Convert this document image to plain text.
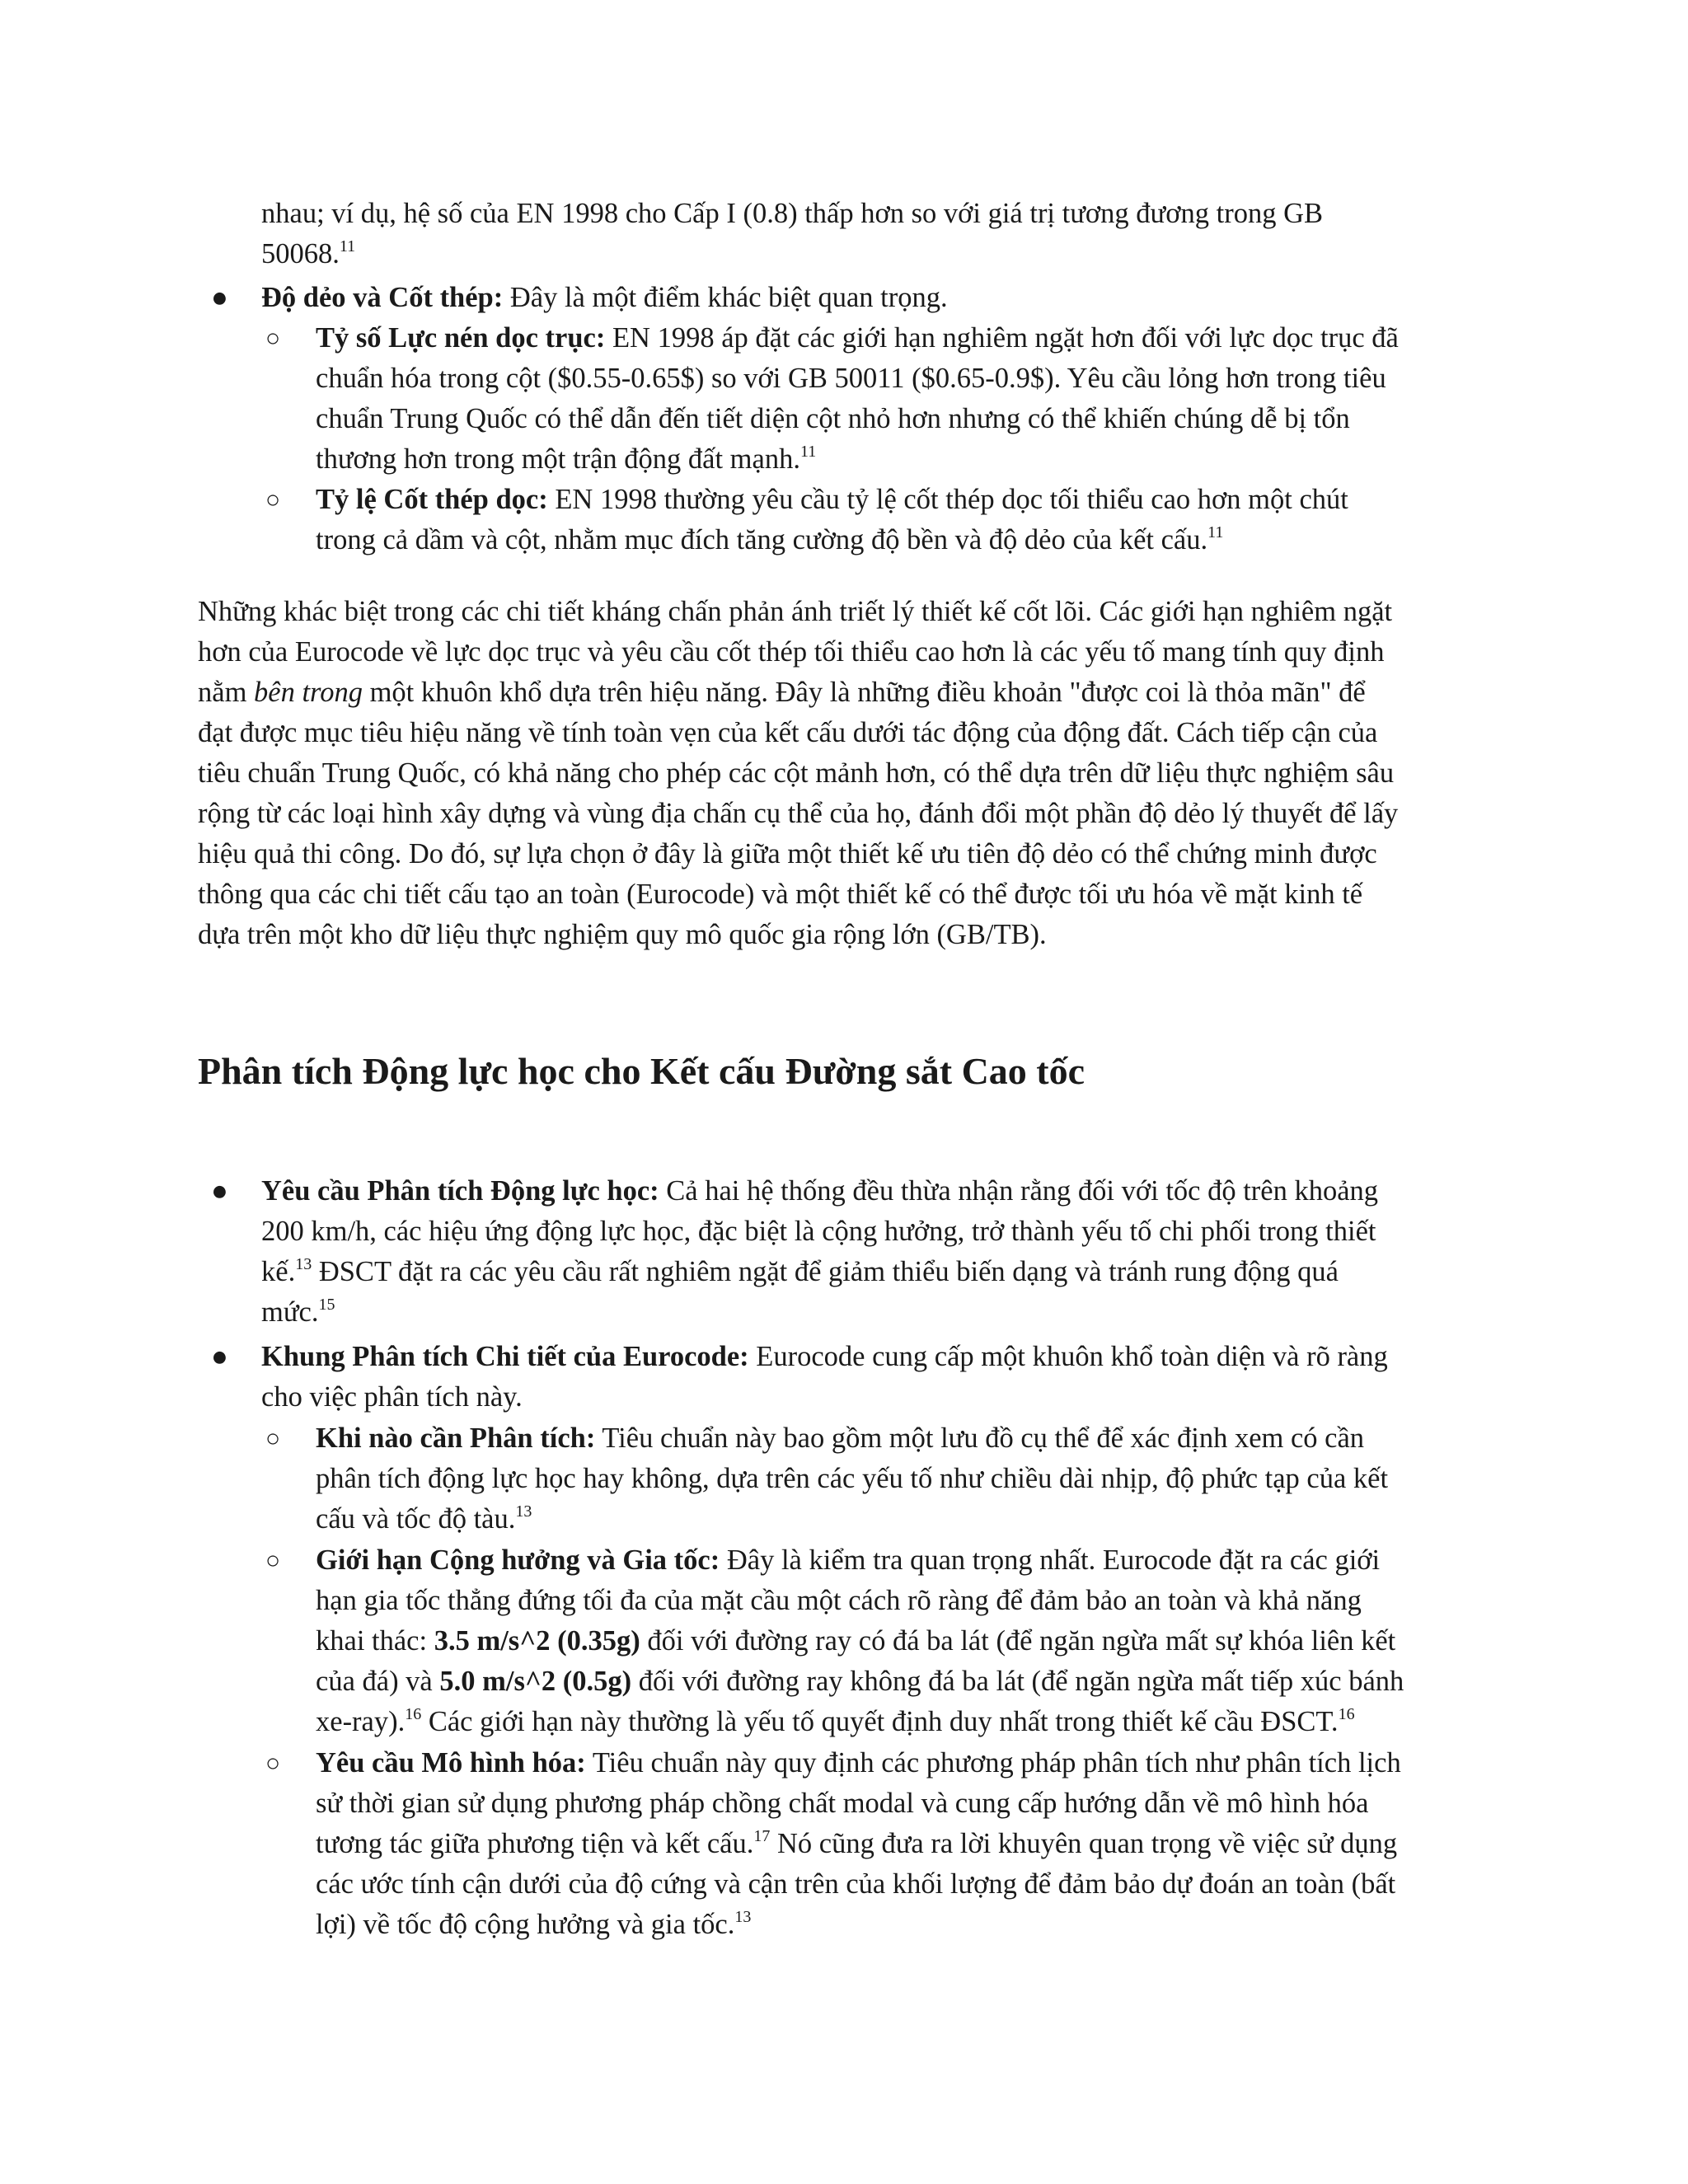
nhau; ví dụ, hệ số của EN 1998 cho Cấp I (0.8) thấp hơn so với giá trị tương đương trong GB
50068.11
● Độ dẻo và Cốt thép: Đây là một điểm khác biệt quan trọng.
○ Tỷ số Lực nén dọc trục: EN 1998 áp đặt các giới hạn nghiêm ngặt hơn đối với lực dọc trục đã
chuẩn hóa trong cột ($0.55-0.65$) so với GB 50011 ($0.65-0.9$). Yêu cầu lỏng hơn trong tiêu
chuẩn Trung Quốc có thể dẫn đến tiết diện cột nhỏ hơn nhưng có thể khiến chúng dễ bị tổn
thương hơn trong một trận động đất mạnh.$^{11}$
○ Tỷ lệ Cốt thép dọc: EN 1998 thường yêu cầu tỷ lệ cốt thép dọc tối thiểu cao hơn một chút
trong cả dầm và cột, nhằm mục đích tăng cường độ bền và độ dẻo của kết cấu.$^{11}$
Những khác biệt trong các chi tiết kháng chấn phản ánh triết lý thiết kế cốt lõi. Các giới hạn nghiêm ngặt
hơn của Eurocode về lực dọc trục và yêu cầu cốt thép tối thiểu cao hơn là các yếu tố mang tính quy định
nằm bên trong một khuôn khổ dựa trên hiệu năng. Đây là những điều khoản "được coi là thỏa mãn" để
đạt được mục tiêu hiệu năng về tính toàn vẹn của kết cấu dưới tác động của động đất. Cách tiếp cận của
tiêu chuẩn Trung Quốc, có khả năng cho phép các cột mảnh hơn, có thể dựa trên dữ liệu thực nghiệm sâu
rộng từ các loại hình xây dựng và vùng địa chấn cụ thể của họ, đánh đổi một phần độ dẻo lý thuyết để lấy
hiệu quả thi công. Do đó, sự lựa chọn ở đây là giữa một thiết kế ưu tiên độ dẻo có thể chứng minh được
thông qua các chi tiết cấu tạo an toàn (Eurocode) và một thiết kế có thể được tối ưu hóa về mặt kinh tế
dựa trên một kho dữ liệu thực nghiệm quy mô quốc gia rộng lớn (GB/TB).
Phân tích Động lực học cho Kết cấu Đường sắt Cao tốc
● Yêu cầu Phân tích Động lực học: Cả hai hệ thống đều thừa nhận rằng đối với tốc độ trên khoảng
200 km/h, các hiệu ứng động lực học, đặc biệt là cộng hưởng, trở thành yếu tố chi phối trong thiết
kế.$^{13}$ ĐSCT đặt ra các yêu cầu rất nghiêm ngặt để giảm thiểu biến dạng và tránh rung động quá
mức.$^{15}$
● Khung Phân tích Chi tiết của Eurocode: Eurocode cung cấp một khuôn khổ toàn diện và rõ ràng
cho việc phân tích này.
○ Khi nào cần Phân tích: Tiêu chuẩn này bao gồm một lưu đồ cụ thể để xác định xem có cần
phân tích động lực học hay không, dựa trên các yếu tố như chiều dài nhịp, độ phức tạp của kết
cấu và tốc độ tàu.$^{13}$
○ Giới hạn Cộng hưởng và Gia tốc: Đây là kiểm tra quan trọng nhất. Eurocode đặt ra các giới
hạn gia tốc thẳng đứng tối đa của mặt cầu một cách rõ ràng để đảm bảo an toàn và khả năng
khai thác: 3.5 m/s^2 (0.35g) đối với đường ray có đá ba lát (để ngăn ngừa mất sự khóa liên kết
của đá) và 5.0 m/s^2 (0.5g) đối với đường ray không đá ba lát (để ngăn ngừa mất tiếp xúc bánh
xe-ray).$^{16}$ Các giới hạn này thường là yếu tố quyết định duy nhất trong thiết kế cầu ĐSCT.$^{16}$
○ Yêu cầu Mô hình hóa: Tiêu chuẩn này quy định các phương pháp phân tích như phân tích lịch
sử thời gian sử dụng phương pháp chồng chất modal và cung cấp hướng dẫn về mô hình hóa
tương tác giữa phương tiện và kết cấu.$^{17}$ Nó cũng đưa ra lời khuyên quan trọng về việc sử dụng
các ước tính cận dưới của độ cứng và cận trên của khối lượng để đảm bảo dự đoán an toàn (bất
lợi) về tốc độ cộng hưởng và gia tốc.$^{13}$
